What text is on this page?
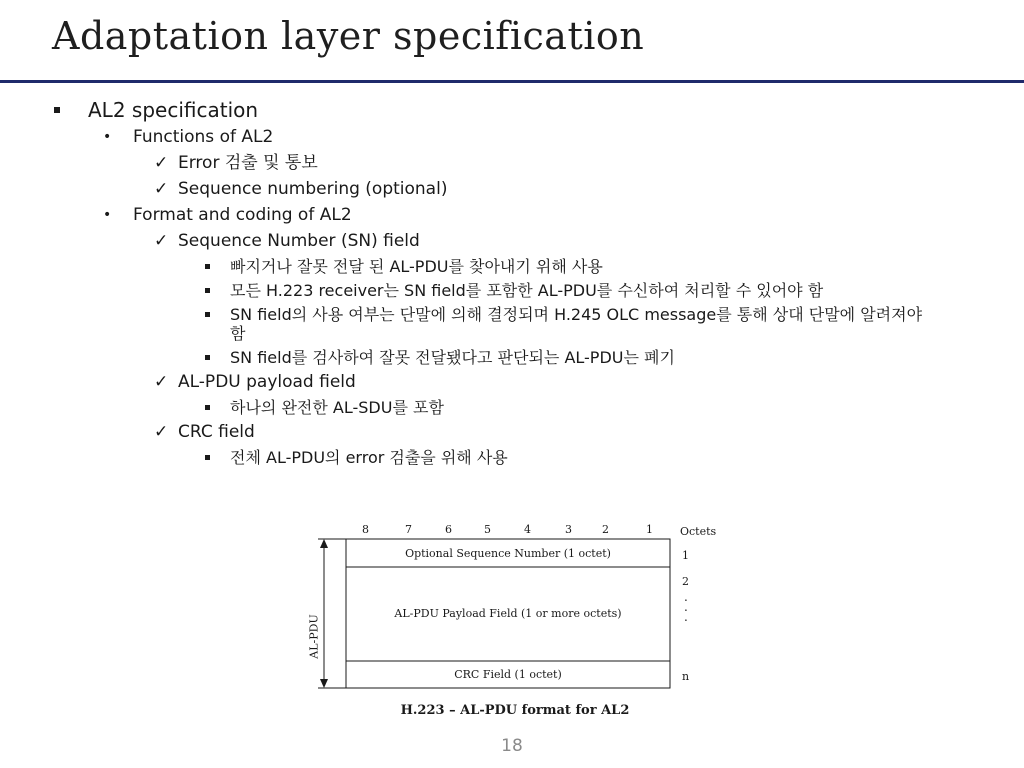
Adaptation layer specification
AL2 specification
• Functions of AL2
✓ Error 검출 및 통보
✓ Sequence numbering (optional)
• Format and coding of AL2
✓ Sequence Number (SN) field
빠지거나 잘못 전달 된 AL-PDU를 찾아내기 위해 사용
모든 H.223 receiver는 SN field를 포함한 AL-PDU를 수신하여 처리할 수 있어야 함
SN field의 사용 여부는 단말에 의해 결정되며 H.245 OLC message를 통해 상대 단말에 알려져야 함
SN field를 검사하여 잘못 전달됐다고 판단되는 AL-PDU는 폐기
✓ AL-PDU payload field
하나의 완전한 AL-SDU를 포함
✓ CRC field
전체 AL-PDU의 error 검출을 위해 사용
8	7	6	5	4	3	2	1 Octets
Optional Sequence Number (1 octet)
AL-PDU Payload Field (1 or more octets)
CRC Field (1 octet)
1
2
.
.
.
n
AL-PDU
H.223 – AL-PDU format for AL2
18
